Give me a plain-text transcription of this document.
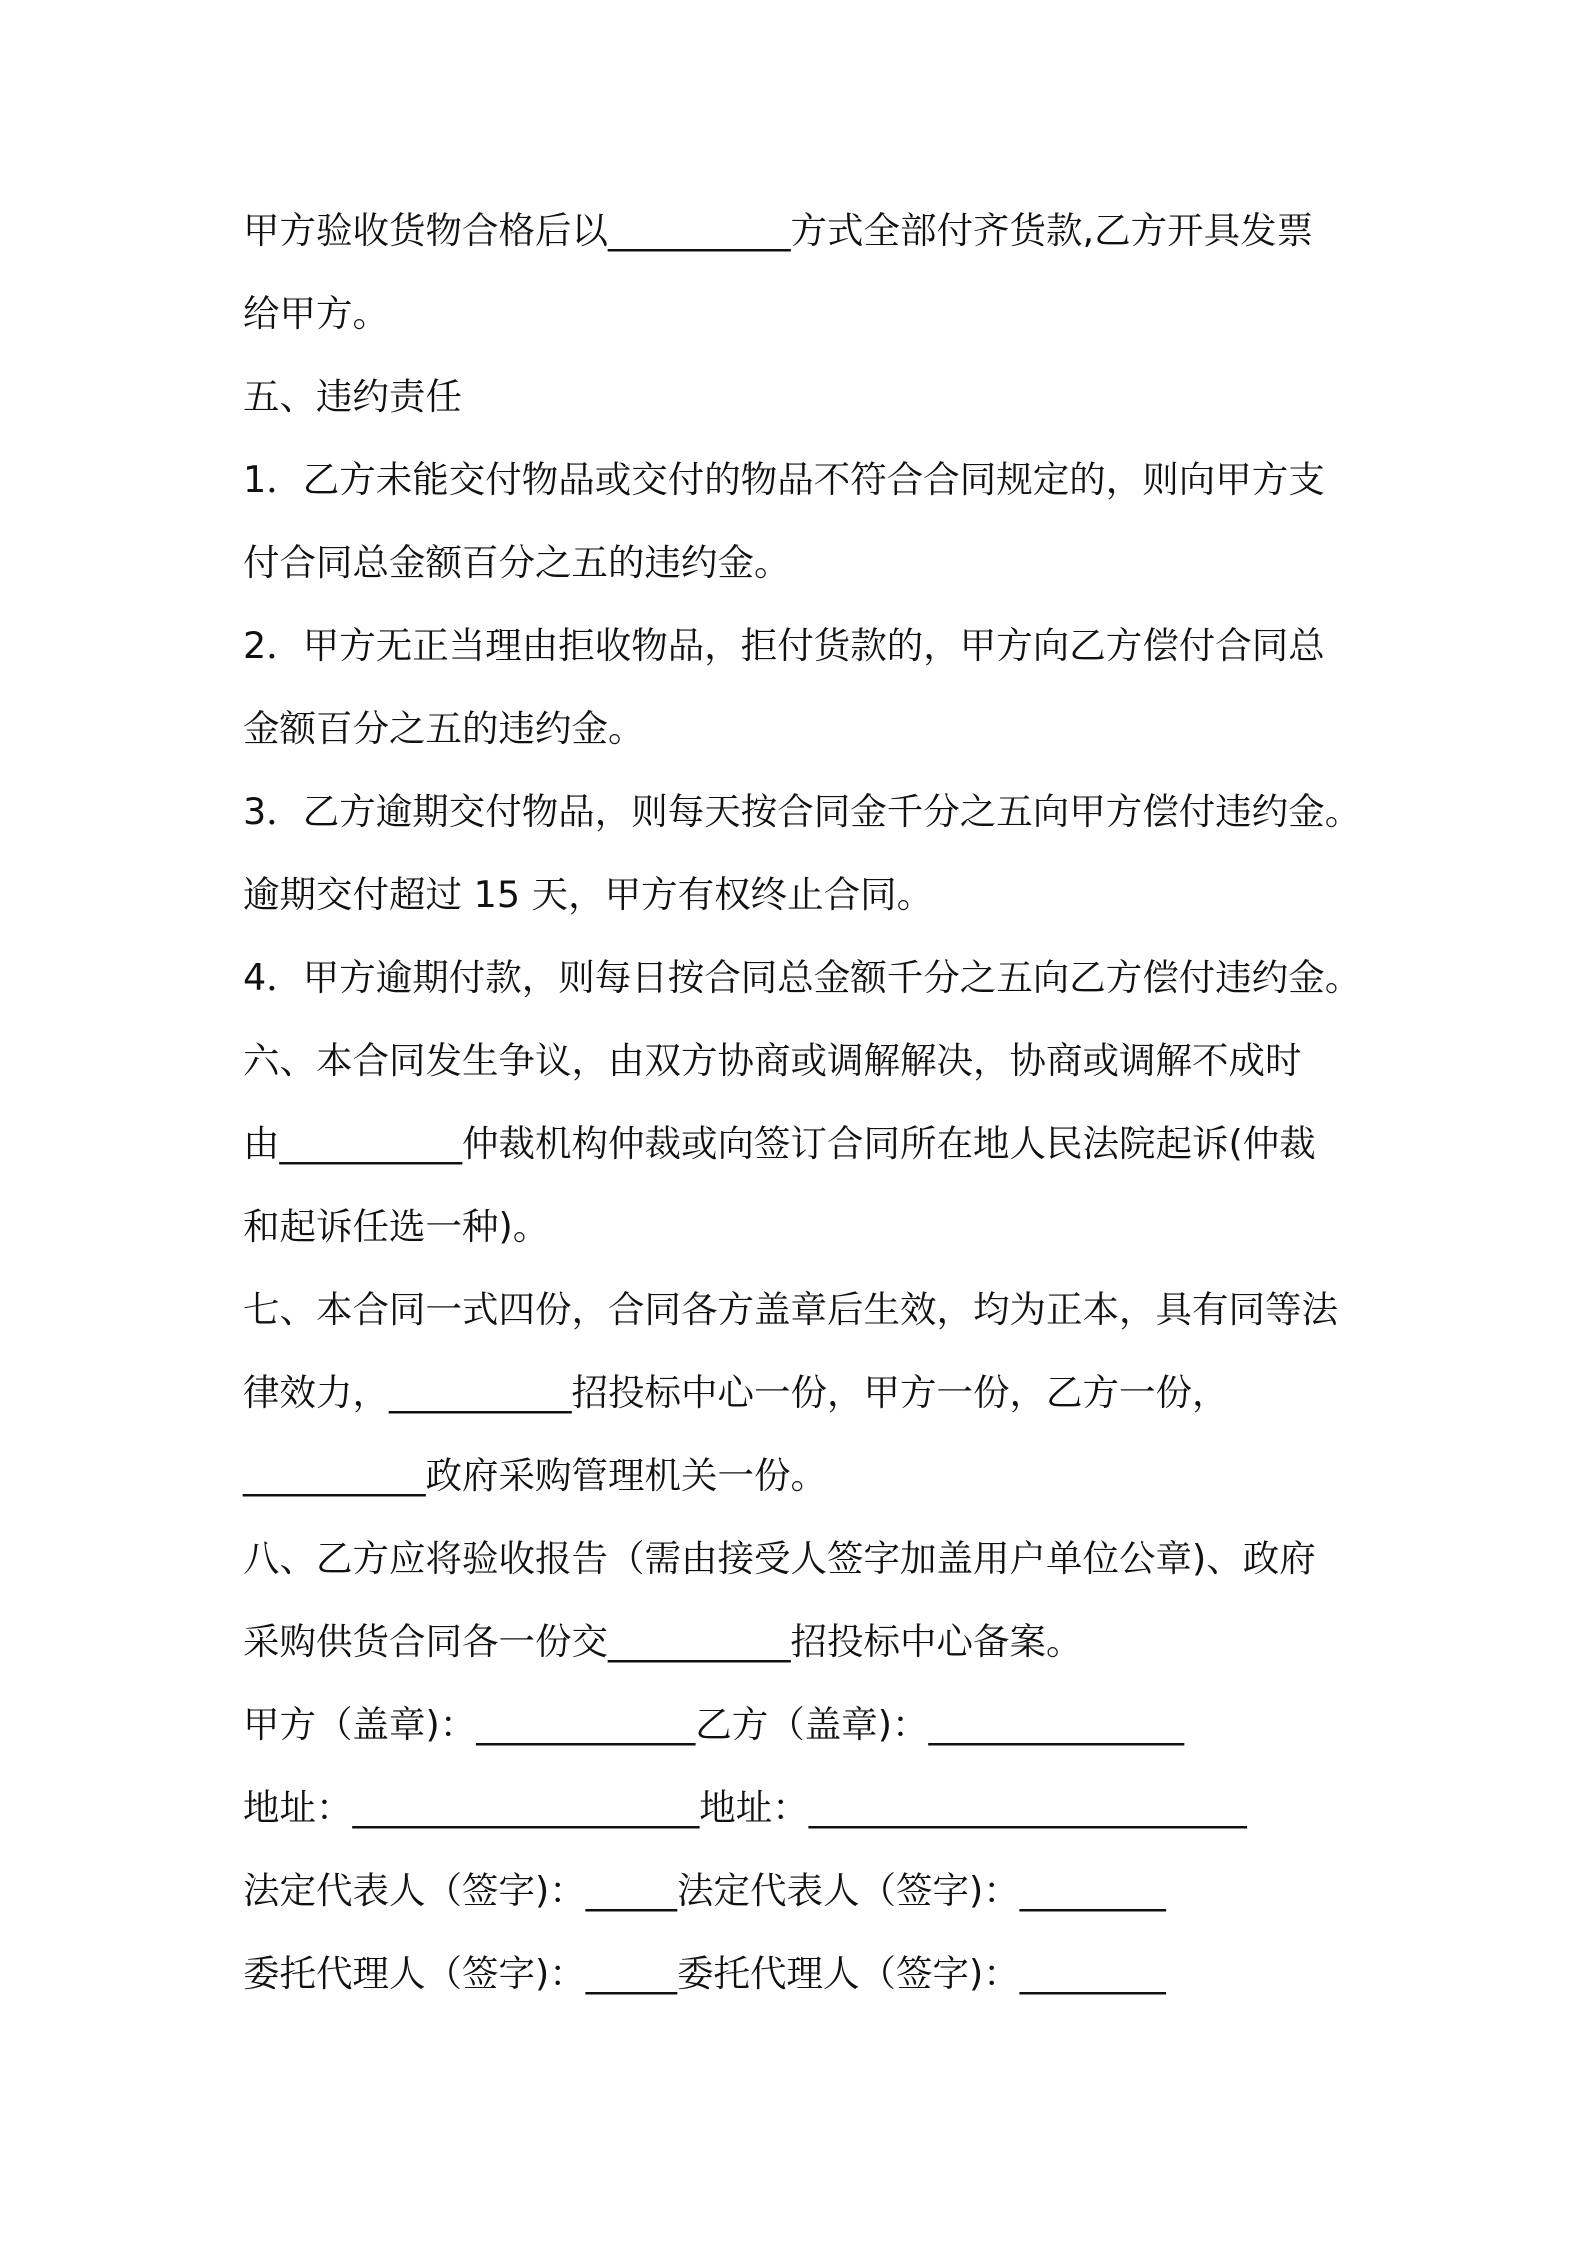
甲方验收货物合格后以__________方式全部付齐货款,乙方开具发票
给甲方。
五、违约责任
1．乙方未能交付物品或交付的物品不符合合同规定的，则向甲方支
付合同总金额百分之五的违约金。
2．甲方无正当理由拒收物品，拒付货款的，甲方向乙方偿付合同总
金额百分之五的违约金。
3．乙方逾期交付物品，则每天按合同金千分之五向甲方偿付违约金。
逾期交付超过 15 天，甲方有权终止合同。
4．甲方逾期付款，则每日按合同总金额千分之五向乙方偿付违约金。
六、本合同发生争议，由双方协商或调解解决，协商或调解不成时
由__________仲裁机构仲裁或向签订合同所在地人民法院起诉(仲裁
和起诉任选一种)。
七、本合同一式四份，合同各方盖章后生效，均为正本，具有同等法
律效力，__________招投标中心一份，甲方一份，乙方一份，
__________政府采购管理机关一份。
八、乙方应将验收报告（需由接受人签字加盖用户单位公章)、政府
采购供货合同各一份交__________招投标中心备案。
甲方（盖章)：____________乙方（盖章)：______________
地址：___________________地址：________________________
法定代表人（签字)：_____法定代表人（签字)：________
委托代理人（签字)：_____委托代理人（签字)：________
